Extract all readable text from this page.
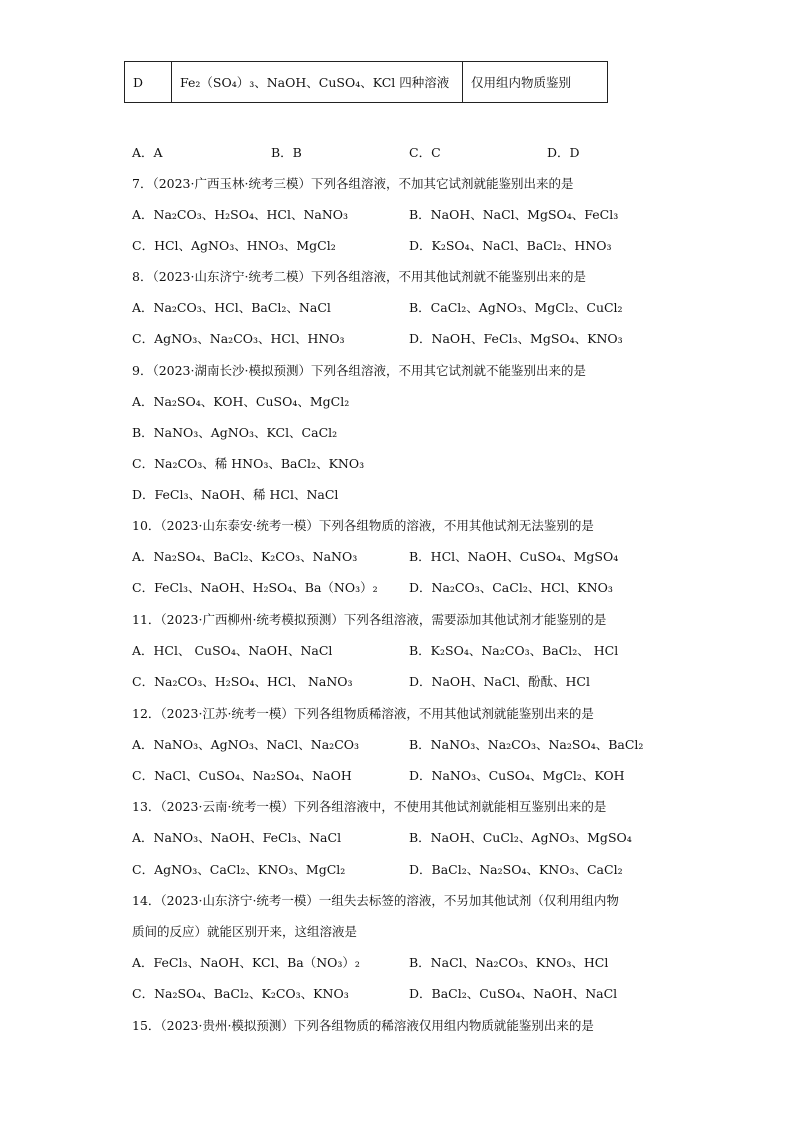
D	Fe₂（SO₄）₃、NaOH、CuSO₄、KCl 四种溶液	仅用组内物质鉴别
A．A	B．B	C．C	D．D
7．（2023·广西玉林·统考三模）下列各组溶液，不加其它试剂就能鉴别出来的是
A．Na₂CO₃、H₂SO₄、HCl、NaNO₃	B．NaOH、NaCl、MgSO₄、FeCl₃
C．HCl、AgNO₃、HNO₃、MgCl₂	D．K₂SO₄、NaCl、BaCl₂、HNO₃
8．（2023·山东济宁·统考二模）下列各组溶液，不用其他试剂就不能鉴别出来的是
A．Na₂CO₃、HCl、BaCl₂、NaCl	B．CaCl₂、AgNO₃、MgCl₂、CuCl₂
C．AgNO₃、Na₂CO₃、HCl、HNO₃	D．NaOH、FeCl₃、MgSO₄、KNO₃
9．（2023·湖南长沙·模拟预测）下列各组溶液，不用其它试剂就不能鉴别出来的是
A．Na₂SO₄、KOH、CuSO₄、MgCl₂
B．NaNO₃、AgNO₃、KCl、CaCl₂
C．Na₂CO₃、稀 HNO₃、BaCl₂、KNO₃
D．FeCl₃、NaOH、稀 HCl、NaCl
10．（2023·山东泰安·统考一模）下列各组物质的溶液，不用其他试剂无法鉴别的是
A．Na₂SO₄、BaCl₂、K₂CO₃、NaNO₃	B．HCl、NaOH、CuSO₄、MgSO₄
C．FeCl₃、NaOH、H₂SO₄、Ba（NO₃）₂	D．Na₂CO₃、CaCl₂、HCl、KNO₃
11．（2023·广西柳州·统考模拟预测）下列各组溶液，需要添加其他试剂才能鉴别的是
A．HCl、 CuSO₄、NaOH、NaCl	B．K₂SO₄、Na₂CO₃、BaCl₂、 HCl
C．Na₂CO₃、H₂SO₄、HCl、 NaNO₃	D．NaOH、NaCl、酚酞、HCl
12．（2023·江苏·统考一模）下列各组物质稀溶液，不用其他试剂就能鉴别出来的是
A．NaNO₃、AgNO₃、NaCl、Na₂CO₃	B．NaNO₃、Na₂CO₃、Na₂SO₄、BaCl₂
C．NaCl、CuSO₄、Na₂SO₄、NaOH	D．NaNO₃、CuSO₄、MgCl₂、KOH
13．（2023·云南·统考一模）下列各组溶液中，不使用其他试剂就能相互鉴别出来的是
A．NaNO₃、NaOH、FeCl₃、NaCl	B．NaOH、CuCl₂、AgNO₃、MgSO₄
C．AgNO₃、CaCl₂、KNO₃、MgCl₂	D．BaCl₂、Na₂SO₄、KNO₃、CaCl₂
14．（2023·山东济宁·统考一模）一组失去标签的溶液，不另加其他试剂（仅利用组内物
质间的反应）就能区别开来，这组溶液是
A．FeCl₃、NaOH、KCl、Ba（NO₃）₂	B．NaCl、Na₂CO₃、KNO₃、HCl
C．Na₂SO₄、BaCl₂、K₂CO₃、KNO₃	D．BaCl₂、CuSO₄、NaOH、NaCl
15．（2023·贵州·模拟预测）下列各组物质的稀溶液仅用组内物质就能鉴别出来的是
